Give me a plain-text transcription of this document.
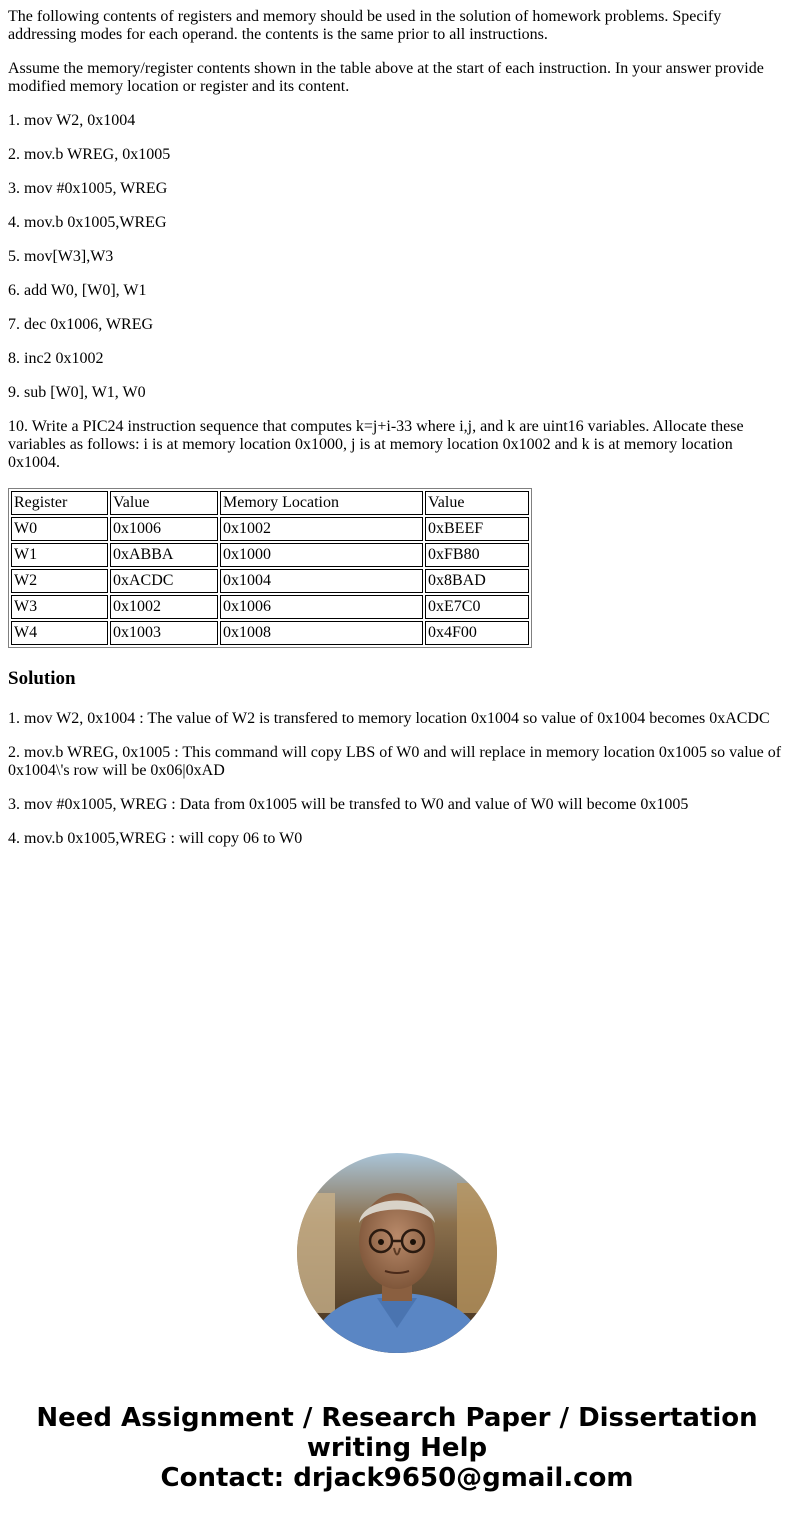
The following contents of registers and memory should be used in the solution of homework problems. Specify addressing modes for each operand. the contents is the same prior to all instructions.

Assume the memory/register contents shown in the table above at the start of each instruction. In your answer provide modified memory location or register and its content.

1. mov W2, 0x1004

2. mov.b WREG, 0x1005

3. mov #0x1005, WREG

4. mov.b 0x1005,WREG

5. mov[W3],W3

6. add W0, [W0], W1

7. dec 0x1006, WREG

8. inc2 0x1002

9. sub [W0], W1, W0

10. Write a PIC24 instruction sequence that computes k=j+i-33 where i,j, and k are uint16 variables. Allocate these variables as follows: i is at memory location 0x1000, j is at memory location 0x1002 and k is at memory location 0x1004.

Register	Value	Memory Location	Value
W0	0x1006	0x1002	0xBEEF
W1	0xABBA	0x1000	0xFB80
W2	0xACDC	0x1004	0x8BAD
W3	0x1002	0x1006	0xE7C0
W4	0x1003	0x1008	0x4F00
Solution

1. mov W2, 0x1004 : The value of W2 is transfered to memory location 0x1004 so value of 0x1004 becomes 0xACDC

2. mov.b WREG, 0x1005 : This command will copy LBS of W0 and will replace in memory location 0x1005 so value of 0x1004\'s row will be 0x06|0xAD

3. mov #0x1005, WREG : Data from 0x1005 will be transfed to W0 and value of W0 will become 0x1005

4. mov.b 0x1005,WREG : will copy 06 to W0

Need Assignment / Research Paper / Dissertation
writing Help
Contact: drjack9650@gmail.com
